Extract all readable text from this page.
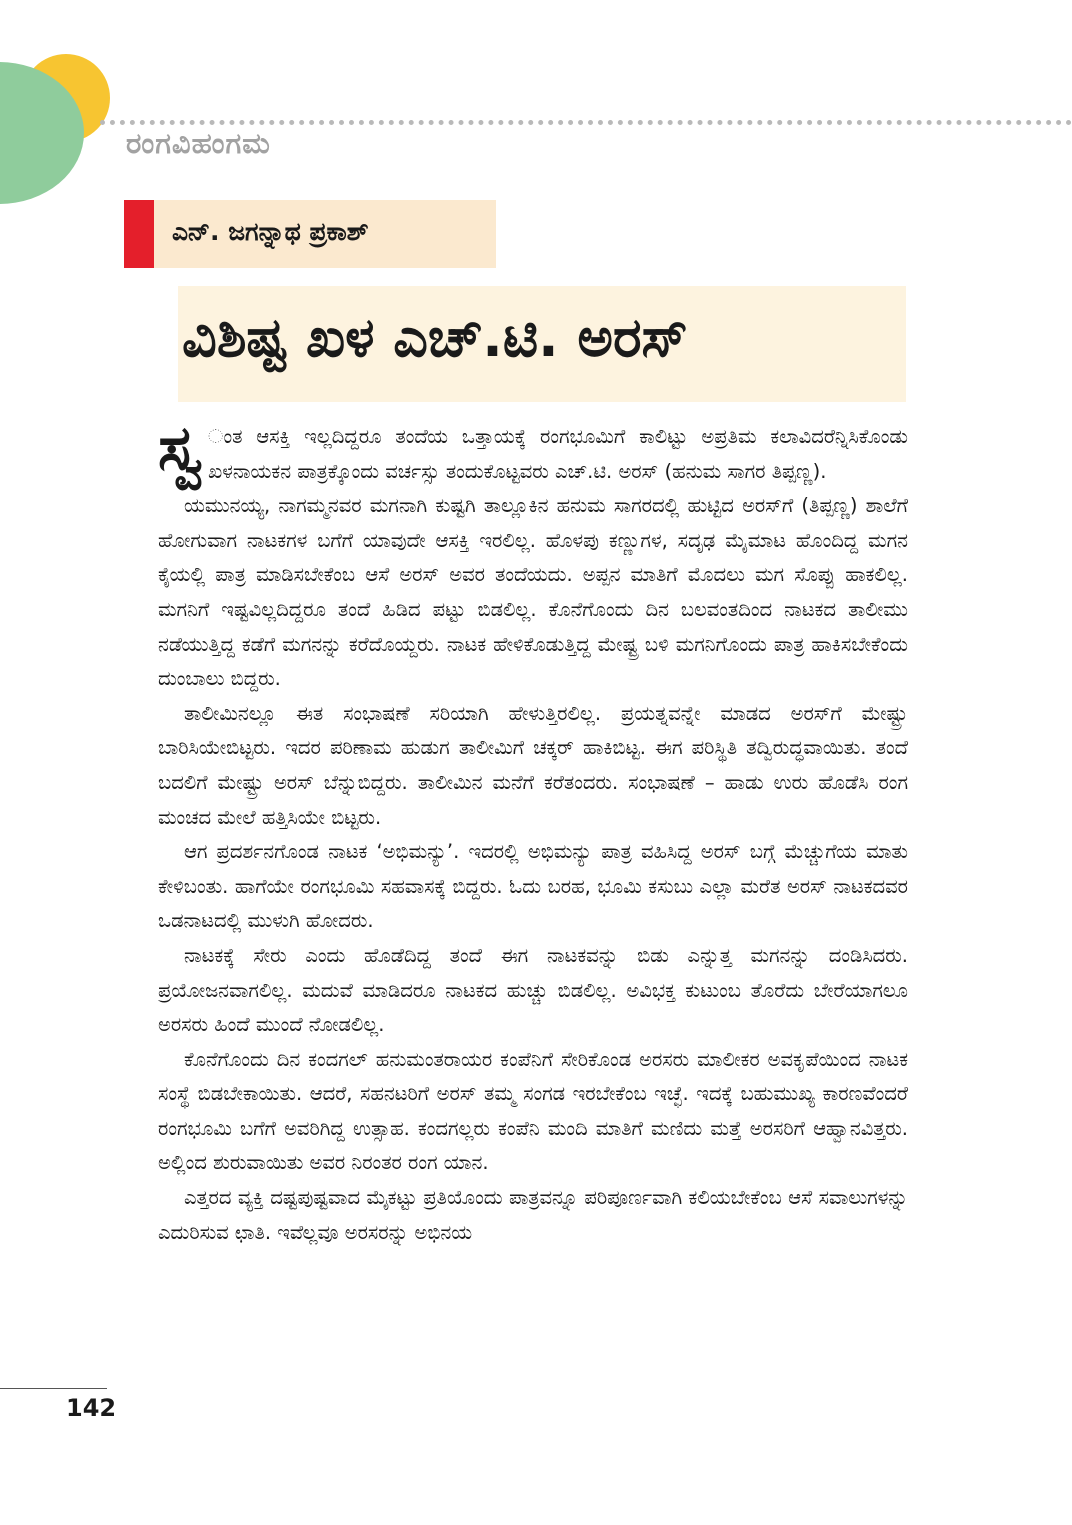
ರಂಗವಿಹಂಗಮ
ಎನ್. ಜಗನ್ನಾಥ ಪ್ರಕಾಶ್
ವಿಶಿಷ್ಟ ಖಳ ಎಚ್.ಟಿ. ಅರಸ್

ಸ್ವ ಂತ ಆಸಕ್ತಿ ಇಲ್ಲದಿದ್ದರೂ ತಂದೆಯ ಒತ್ತಾಯಕ್ಕೆ ರಂಗಭೂಮಿಗೆ ಕಾಲಿಟ್ಟು ಅಪ್ರತಿಮ ಕಲಾವಿದರೆನ್ನಿಸಿಕೊಂಡು ಖಳನಾಯಕನ ಪಾತ್ರಕ್ಕೊಂದು ವರ್ಚಸ್ಸು ತಂದುಕೊಟ್ಟವರು ಎಚ್.ಟಿ. ಅರಸ್ (ಹನುಮ ಸಾಗರ ತಿಪ್ಪಣ್ಣ).

ಯಮುನಯ್ಯ, ನಾಗಮ್ಮನವರ ಮಗನಾಗಿ ಕುಷ್ಟಗಿ ತಾಲ್ಲೂಕಿನ ಹನುಮ ಸಾಗರದಲ್ಲಿ ಹುಟ್ಟಿದ ಅರಸ್‌ಗೆ (ತಿಪ್ಪಣ್ಣ) ಶಾಲೆಗೆ ಹೋಗುವಾಗ ನಾಟಕಗಳ ಬಗೆಗೆ ಯಾವುದೇ ಆಸಕ್ತಿ ಇರಲಿಲ್ಲ. ಹೊಳಪು ಕಣ್ಣುಗಳ, ಸದೃಢ ಮೈಮಾಟ ಹೊಂದಿದ್ದ ಮಗನ ಕೈಯಲ್ಲಿ ಪಾತ್ರ ಮಾಡಿಸಬೇಕೆಂಬ ಆಸೆ ಅರಸ್ ಅವರ ತಂದೆಯದು. ಅಪ್ಪನ ಮಾತಿಗೆ ಮೊದಲು ಮಗ ಸೊಪ್ಪು ಹಾಕಲಿಲ್ಲ. ಮಗನಿಗೆ ಇಷ್ಟವಿಲ್ಲದಿದ್ದರೂ ತಂದೆ ಹಿಡಿದ ಪಟ್ಟು ಬಿಡಲಿಲ್ಲ. ಕೊನೆಗೊಂದು ದಿನ ಬಲವಂತದಿಂದ ನಾಟಕದ ತಾಲೀಮು ನಡೆಯುತ್ತಿದ್ದ ಕಡೆಗೆ ಮಗನನ್ನು ಕರೆದೊಯ್ದರು. ನಾಟಕ ಹೇಳಿಕೊಡುತ್ತಿದ್ದ ಮೇಷ್ಟ್ರ ಬಳಿ ಮಗನಿಗೊಂದು ಪಾತ್ರ ಹಾಕಿಸಬೇಕೆಂದು ದುಂಬಾಲು ಬಿದ್ದರು.

ತಾಲೀಮಿನಲ್ಲೂ ಈತ ಸಂಭಾಷಣೆ ಸರಿಯಾಗಿ ಹೇಳುತ್ತಿರಲಿಲ್ಲ. ಪ್ರಯತ್ನವನ್ನೇ ಮಾಡದ ಅರಸ್‌ಗೆ ಮೇಷ್ಟ್ರು ಬಾರಿಸಿಯೇಬಿಟ್ಟರು. ಇದರ ಪರಿಣಾಮ ಹುಡುಗ ತಾಲೀಮಿಗೆ ಚಕ್ಕರ್ ಹಾಕಿಬಿಟ್ಟ. ಈಗ ಪರಿಸ್ಥಿತಿ ತದ್ವಿರುದ್ಧವಾಯಿತು. ತಂದೆ ಬದಲಿಗೆ ಮೇಷ್ಟ್ರು ಅರಸ್ ಬೆನ್ನುಬಿದ್ದರು. ತಾಲೀಮಿನ ಮನೆಗೆ ಕರೆತಂದರು. ಸಂಭಾಷಣೆ – ಹಾಡು ಉರು ಹೊಡೆಸಿ ರಂಗ ಮಂಚದ ಮೇಲೆ ಹತ್ತಿಸಿಯೇ ಬಿಟ್ಟರು.

ಆಗ ಪ್ರದರ್ಶನಗೊಂಡ ನಾಟಕ ‘ಅಭಿಮನ್ಯು’. ಇದರಲ್ಲಿ ಅಭಿಮನ್ಯು ಪಾತ್ರ ವಹಿಸಿದ್ದ ಅರಸ್ ಬಗ್ಗೆ ಮೆಚ್ಚುಗೆಯ ಮಾತು ಕೇಳಿಬಂತು. ಹಾಗೆಯೇ ರಂಗಭೂಮಿ ಸಹವಾಸಕ್ಕೆ ಬಿದ್ದರು. ಓದು ಬರಹ, ಭೂಮಿ ಕಸುಬು ಎಲ್ಲಾ ಮರೆತ ಅರಸ್ ನಾಟಕದವರ ಒಡನಾಟದಲ್ಲಿ ಮುಳುಗಿ ಹೋದರು.

ನಾಟಕಕ್ಕೆ ಸೇರು ಎಂದು ಹೊಡೆದಿದ್ದ ತಂದೆ ಈಗ ನಾಟಕವನ್ನು ಬಿಡು ಎನ್ನುತ್ತ ಮಗನನ್ನು ದಂಡಿಸಿದರು. ಪ್ರಯೋಜನವಾಗಲಿಲ್ಲ. ಮದುವೆ ಮಾಡಿದರೂ ನಾಟಕದ ಹುಚ್ಚು ಬಿಡಲಿಲ್ಲ. ಅವಿಭಕ್ತ ಕುಟುಂಬ ತೊರೆದು ಬೇರೆಯಾಗಲೂ ಅರಸರು ಹಿಂದೆ ಮುಂದೆ ನೋಡಲಿಲ್ಲ.

ಕೊನೆಗೊಂದು ದಿನ ಕಂದಗಲ್ ಹನುಮಂತರಾಯರ ಕಂಪೆನಿಗೆ ಸೇರಿಕೊಂಡ ಅರಸರು ಮಾಲೀಕರ ಅವಕೃಪೆಯಿಂದ ನಾಟಕ ಸಂಸ್ಥೆ ಬಿಡಬೇಕಾಯಿತು. ಆದರೆ, ಸಹನಟರಿಗೆ ಅರಸ್ ತಮ್ಮ ಸಂಗಡ ಇರಬೇಕೆಂಬ ಇಚ್ಛೆ. ಇದಕ್ಕೆ ಬಹುಮುಖ್ಯ ಕಾರಣವೆಂದರೆ ರಂಗಭೂಮಿ ಬಗೆಗೆ ಅವರಿಗಿದ್ದ ಉತ್ಸಾಹ. ಕಂದಗಲ್ಲರು ಕಂಪೆನಿ ಮಂದಿ ಮಾತಿಗೆ ಮಣಿದು ಮತ್ತೆ ಅರಸರಿಗೆ ಆಹ್ವಾನವಿತ್ತರು. ಅಲ್ಲಿಂದ ಶುರುವಾಯಿತು ಅವರ ನಿರಂತರ ರಂಗ ಯಾನ.

ಎತ್ತರದ ವ್ಯಕ್ತಿ ದಷ್ಟಪುಷ್ಟವಾದ ಮೈಕಟ್ಟು ಪ್ರತಿಯೊಂದು ಪಾತ್ರವನ್ನೂ ಪರಿಪೂರ್ಣವಾಗಿ ಕಲಿಯಬೇಕೆಂಬ ಆಸೆ ಸವಾಲುಗಳನ್ನು ಎದುರಿಸುವ ಛಾತಿ. ಇವೆಲ್ಲವೂ ಅರಸರನ್ನು ಅಭಿನಯ

142
